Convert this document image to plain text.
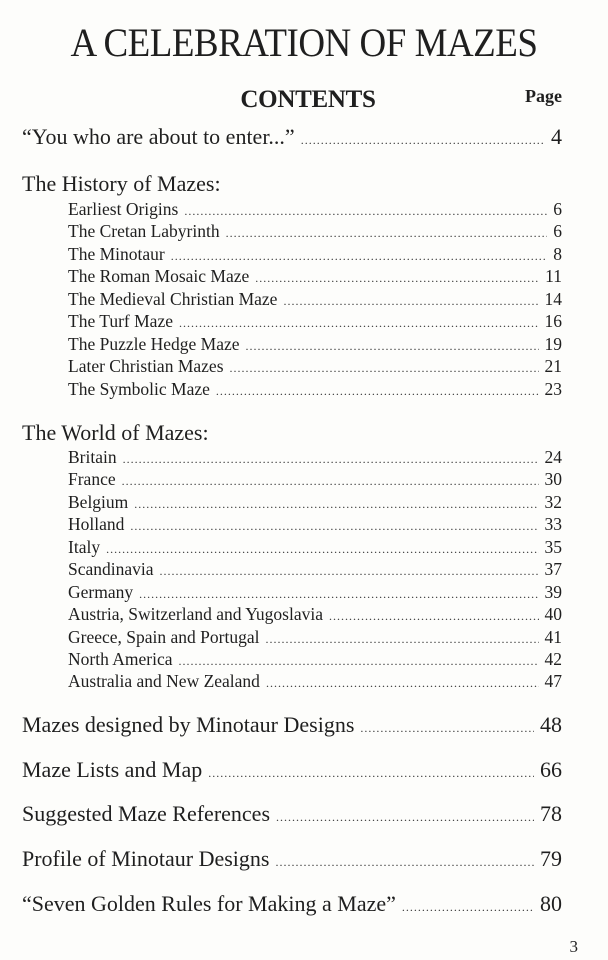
A CELEBRATION OF MAZES
CONTENTS	Page
“You who are about to enter...” . . .	4
The History of Mazes:
Earliest Origins . . .	6
The Cretan Labyrinth . . .	6
The Minotaur . . .	8
The Roman Mosaic Maze . . .	11
The Medieval Christian Maze . . .	14
The Turf Maze . . .	16
The Puzzle Hedge Maze . . .	19
Later Christian Mazes . . .	21
The Symbolic Maze . . .	23
The World of Mazes:
Britain . . .	24
France . . .	30
Belgium . . .	32
Holland . . .	33
Italy . . .	35
Scandinavia . . .	37
Germany . . .	39
Austria, Switzerland and Yugoslavia . . .	40
Greece, Spain and Portugal . . .	41
North America . . .	42
Australia and New Zealand . . .	47
Mazes designed by Minotaur Designs . . .	48
Maze Lists and Map . . .	66
Suggested Maze References . . .	78
Profile of Minotaur Designs . . .	79
“Seven Golden Rules for Making a Maze” . . .	80
3
